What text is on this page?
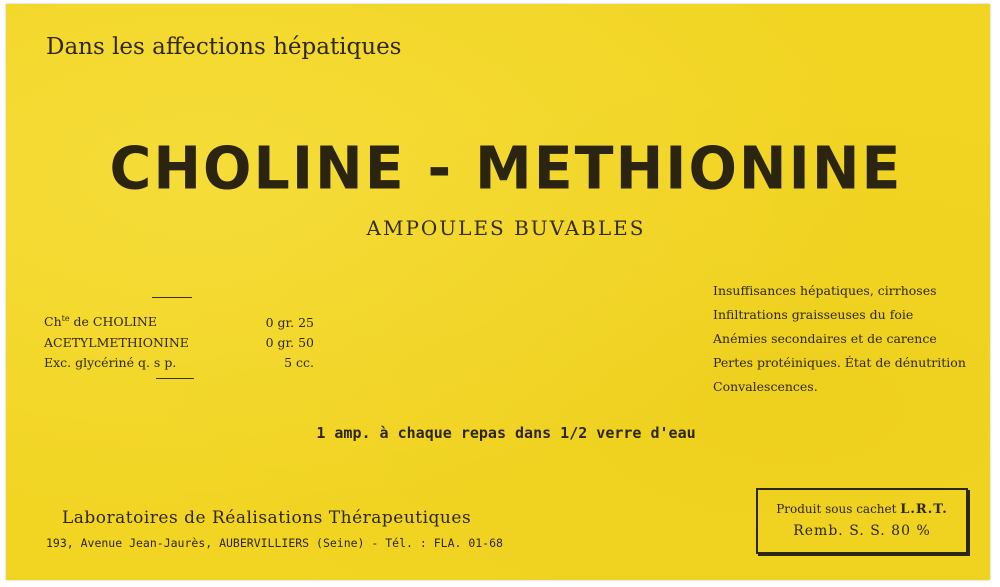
Dans les affections hépatiques
CHOLINE - METHIONINE
AMPOULES BUVABLES
$Ch^{te}$ de CHOLINE	0 gr. 25
ACETYLMETHIONINE	0 gr. 50
Exc. glycériné q. s p.	5 cc.
Insuffisances hépatiques, cirrhoses
Infiltrations graisseuses du foie
Anémies secondaires et de carence
Pertes protéiniques. État de dénutrition
Convalescences.
1 amp. à chaque repas dans 1/2 verre d'eau
Laboratoires de Réalisations Thérapeutiques
193, Avenue Jean-Jaurès, AUBERVILLIERS (Seine) - Tél. : FLA. 01-68
Produit sous cachet L.R.T.
Remb. S. S. 80 %
